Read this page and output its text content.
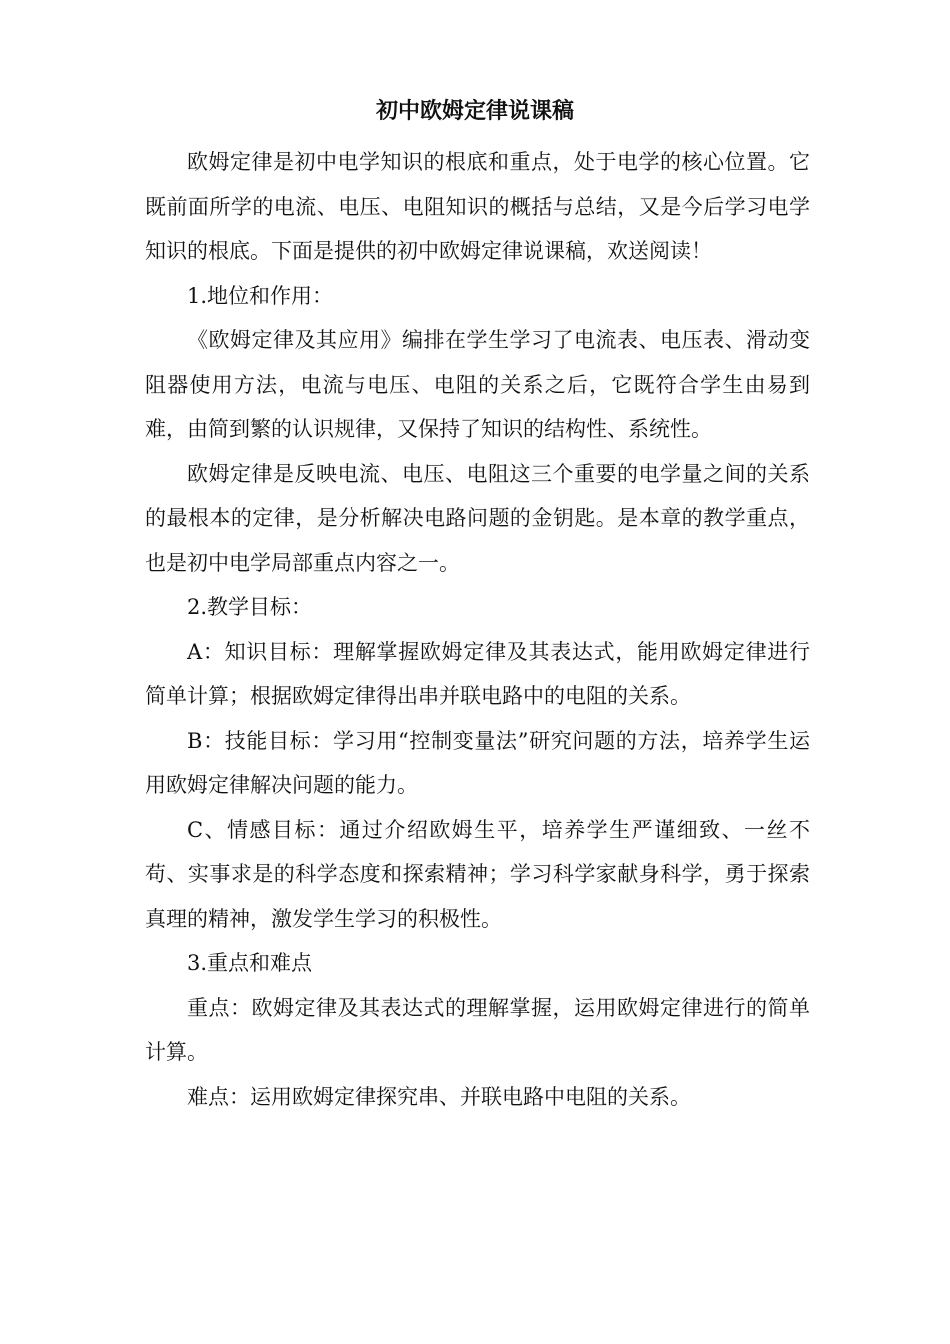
初中欧姆定律说课稿

欧姆定律是初中电学知识的根底和重点，处于电学的核心位置。它既前面所学的电流、电压、电阻知识的概括与总结，又是今后学习电学知识的根底。下面是提供的初中欧姆定律说课稿，欢送阅读！

1.地位和作用：

《欧姆定律及其应用》编排在学生学习了电流表、电压表、滑动变阻器使用方法，电流与电压、电阻的关系之后，它既符合学生由易到难，由简到繁的认识规律，又保持了知识的结构性、系统性。

欧姆定律是反映电流、电压、电阻这三个重要的电学量之间的关系的最根本的定律，是分析解决电路问题的金钥匙。是本章的教学重点，也是初中电学局部重点内容之一。

2.教学目标：

A：知识目标：理解掌握欧姆定律及其表达式，能用欧姆定律进行简单计算；根据欧姆定律得出串并联电路中的电阻的关系。

B：技能目标：学习用“控制变量法”研究问题的方法，培养学生运用欧姆定律解决问题的能力。

C、情感目标：通过介绍欧姆生平，培养学生严谨细致、一丝不苟、实事求是的科学态度和探索精神；学习科学家献身科学，勇于探索真理的精神，激发学生学习的积极性。

3.重点和难点

重点：欧姆定律及其表达式的理解掌握，运用欧姆定律进行的简单计算。

难点：运用欧姆定律探究串、并联电路中电阻的关系。
